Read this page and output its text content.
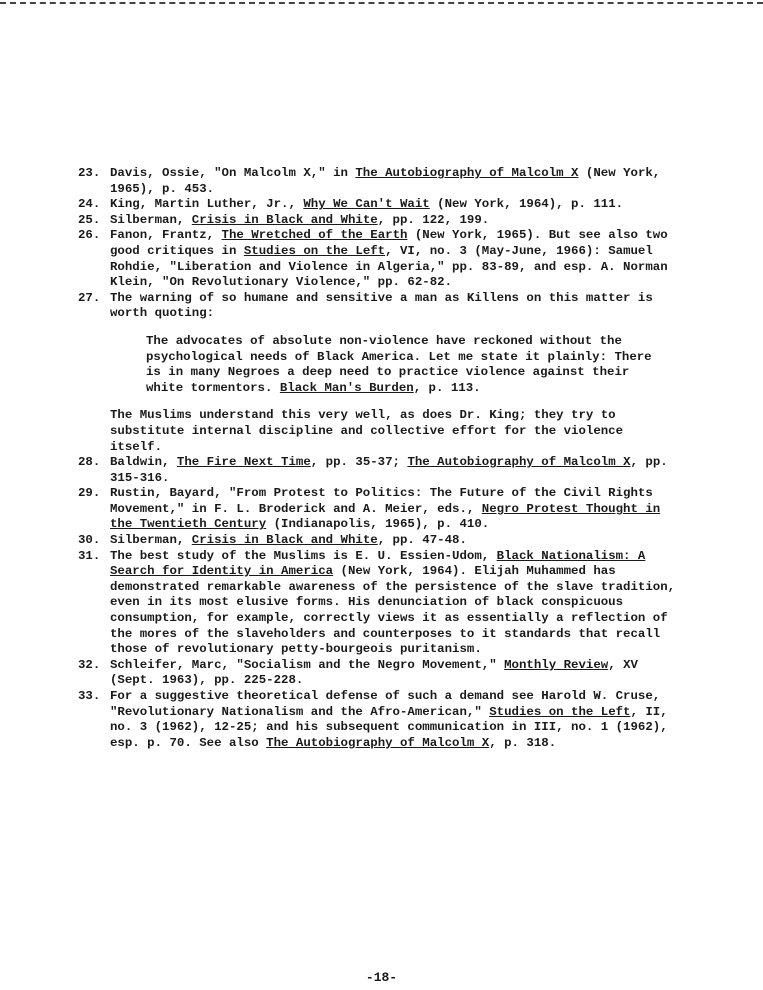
23. Davis, Ossie, "On Malcolm X," in The Autobiography of Malcolm X (New York, 1965), p. 453.
24. King, Martin Luther, Jr., Why We Can't Wait (New York, 1964), p. 111.
25. Silberman, Crisis in Black and White, pp. 122, 199.
26. Fanon, Frantz, The Wretched of the Earth (New York, 1965). But see also two good critiques in Studies on the Left, VI, no. 3 (May-June, 1966): Samuel Rohdie, "Liberation and Violence in Algeria," pp. 83-89, and esp. A. Norman Klein, "On Revolutionary Violence," pp. 62-82.
27. The warning of so humane and sensitive a man as Killens on this matter is worth quoting:
The advocates of absolute non-violence have reckoned without the psychological needs of Black America. Let me state it plainly: There is in many Negroes a deep need to practice violence against their white tormentors. Black Man's Burden, p. 113.
The Muslims understand this very well, as does Dr. King; they try to substitute internal discipline and collective effort for the violence itself.
28. Baldwin, The Fire Next Time, pp. 35-37; The Autobiography of Malcolm X, pp. 315-316.
29. Rustin, Bayard, "From Protest to Politics: The Future of the Civil Rights Movement," in F. L. Broderick and A. Meier, eds., Negro Protest Thought in the Twentieth Century (Indianapolis, 1965), p. 410.
30. Silberman, Crisis in Black and White, pp. 47-48.
31. The best study of the Muslims is E. U. Essien-Udom, Black Nationalism: A Search for Identity in America (New York, 1964). Elijah Muhammed has demonstrated remarkable awareness of the persistence of the slave tradition, even in its most elusive forms. His denunciation of black conspicuous consumption, for example, correctly views it as essentially a reflection of the mores of the slaveholders and counterposes to it standards that recall those of revolutionary petty-bourgeois puritanism.
32. Schleifer, Marc, "Socialism and the Negro Movement," Monthly Review, XV (Sept. 1963), pp. 225-228.
33. For a suggestive theoretical defense of such a demand see Harold W. Cruse, "Revolutionary Nationalism and the Afro-American," Studies on the Left, II, no. 3 (1962), 12-25; and his subsequent communication in III, no. 1 (1962), esp. p. 70. See also The Autobiography of Malcolm X, p. 318.
-18-
